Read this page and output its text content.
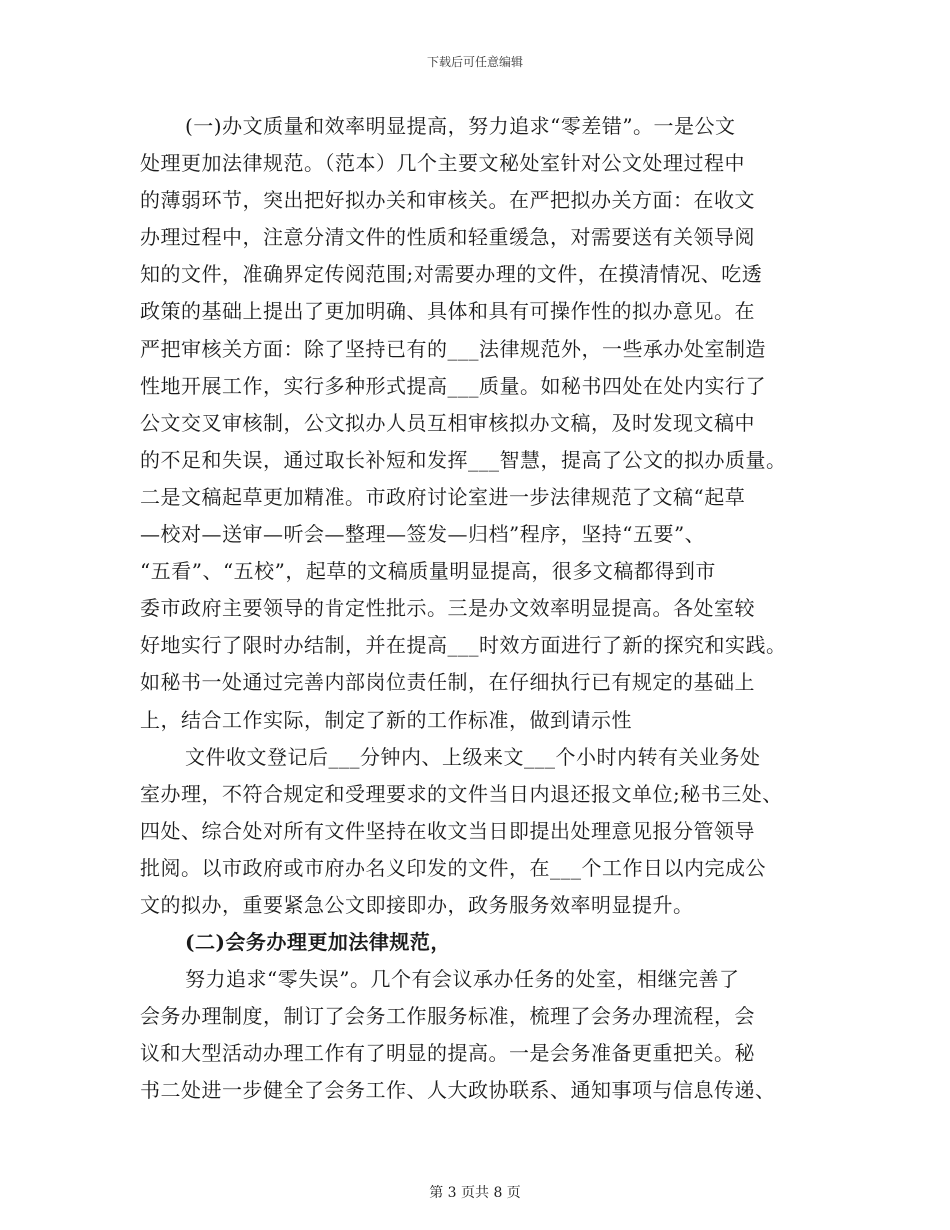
下载后可任意编辑
(一)办文质量和效率明显提高，努力追求“零差错”。一是公文
处理更加法律规范。（范本）几个主要文秘处室针对公文处理过程中
的薄弱环节，突出把好拟办关和审核关。在严把拟办关方面：在收文
办理过程中，注意分清文件的性质和轻重缓急，对需要送有关领导阅
知的文件，准确界定传阅范围;对需要办理的文件，在摸清情况、吃透
政策的基础上提出了更加明确、具体和具有可操作性的拟办意见。在
严把审核关方面：除了坚持已有的___法律规范外，一些承办处室制造
性地开展工作，实行多种形式提高___质量。如秘书四处在处内实行了
公文交叉审核制，公文拟办人员互相审核拟办文稿，及时发现文稿中
的不足和失误，通过取长补短和发挥___智慧，提高了公文的拟办质量。
二是文稿起草更加精准。市政府讨论室进一步法律规范了文稿“起草
—校对—送审—听会—整理—签发—归档”程序，坚持“五要”、
“五看”、“五校”，起草的文稿质量明显提高，很多文稿都得到市
委市政府主要领导的肯定性批示。三是办文效率明显提高。各处室较
好地实行了限时办结制，并在提高___时效方面进行了新的探究和实践。
如秘书一处通过完善内部岗位责任制，在仔细执行已有规定的基础上
上，结合工作实际，制定了新的工作标准，做到请示性
文件收文登记后___分钟内、上级来文___个小时内转有关业务处
室办理，不符合规定和受理要求的文件当日内退还报文单位;秘书三处、
四处、综合处对所有文件坚持在收文当日即提出处理意见报分管领导
批阅。以市政府或市府办名义印发的文件，在___个工作日以内完成公
文的拟办，重要紧急公文即接即办，政务服务效率明显提升。
(二)会务办理更加法律规范，
努力追求“零失误”。几个有会议承办任务的处室，相继完善了
会务办理制度，制订了会务工作服务标准，梳理了会务办理流程，会
议和大型活动办理工作有了明显的提高。一是会务准备更重把关。秘
书二处进一步健全了会务工作、人大政协联系、通知事项与信息传递、
第 3 页共 8 页
